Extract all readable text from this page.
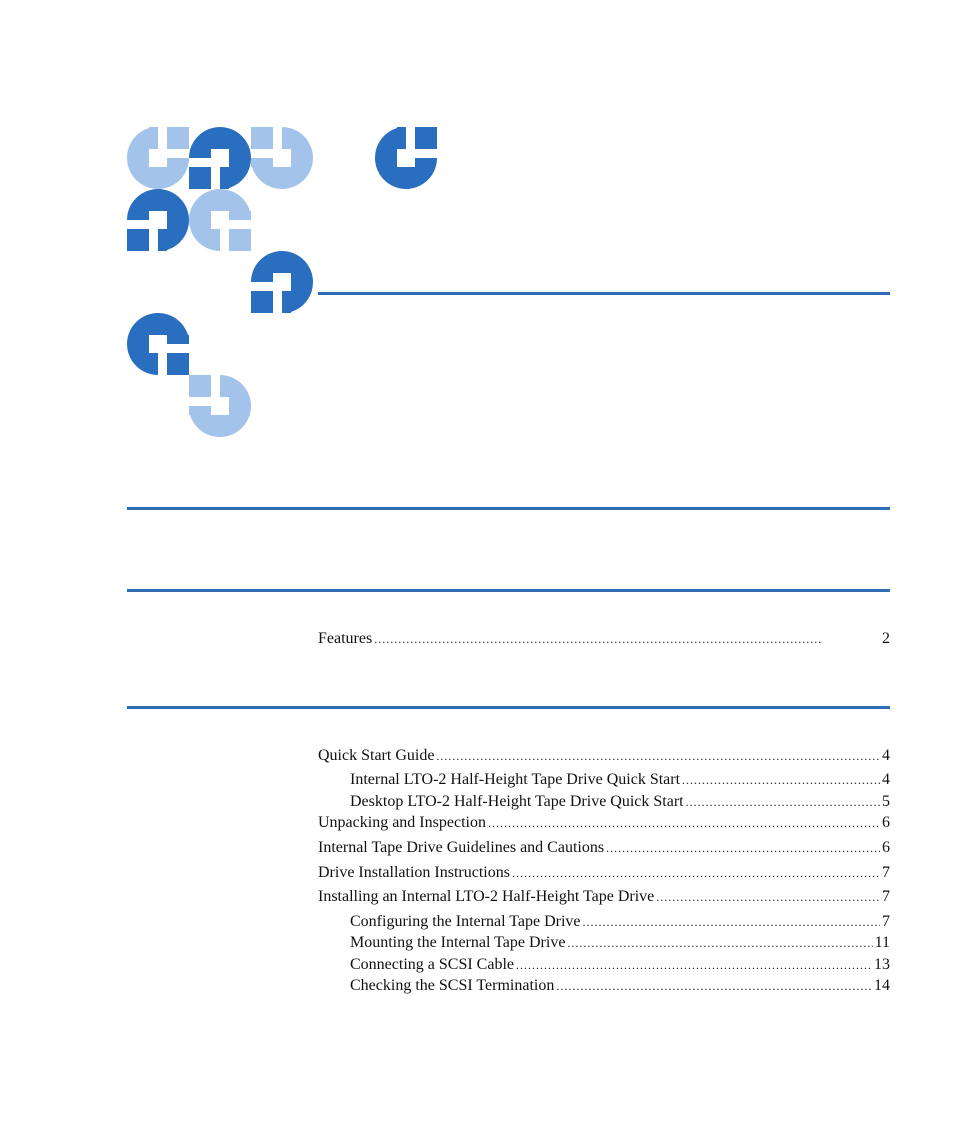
Features . . .	2
Quick Start Guide . . .	4
Internal LTO-2 Half-Height Tape Drive Quick Start . . .	4
Desktop LTO-2 Half-Height Tape Drive Quick Start . . .	5
Unpacking and Inspection . . .	6
Internal Tape Drive Guidelines and Cautions . . .	6
Drive Installation Instructions . . .	7
Installing an Internal LTO-2 Half-Height Tape Drive . . .	7
Configuring the Internal Tape Drive . . .	7
Mounting the Internal Tape Drive . . .	11
Connecting a SCSI Cable . . .	13
Checking the SCSI Termination . . .	14
